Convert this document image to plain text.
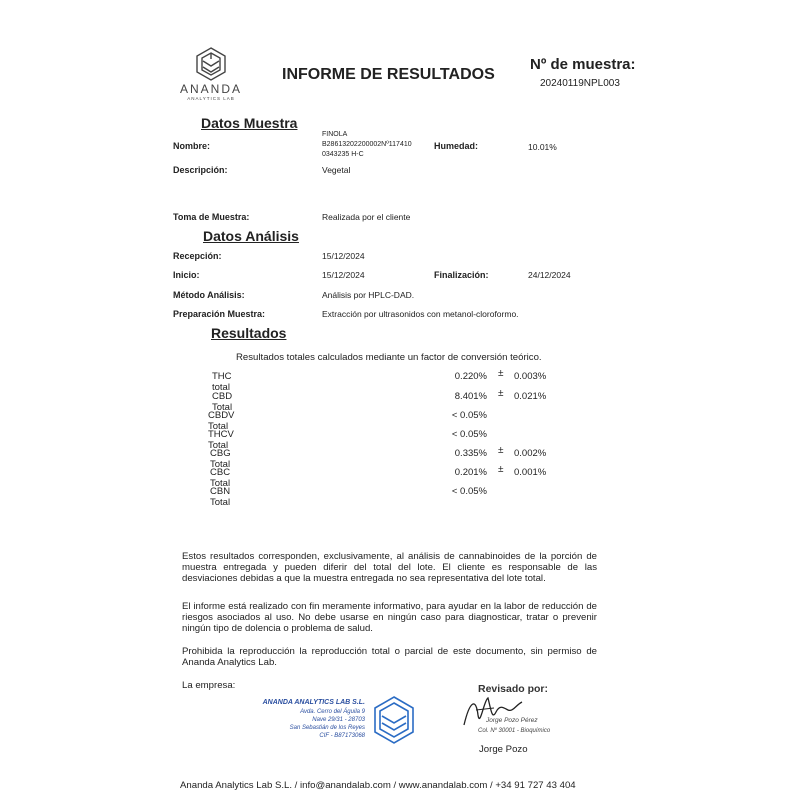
ANANDA
ANALYTICS LAB
INFORME DE RESULTADOS
Nº de muestra:
20240119NPL003
Datos Muestra
Nombre:
FINOLA
B28613202200002Nº117410
0343235 H-C
Humedad:	10.01%
Descripción:	Vegetal
Toma de Muestra:	Realizada por el cliente
Datos Análisis
Recepción:	15/12/2024
Inicio:	15/12/2024	Finalización:	24/12/2024
Método Análisis:	Análisis por HPLC-DAD.
Preparación Muestra:	Extracción por ultrasonidos con metanol-cloroformo.
Resultados
Resultados totales calculados mediante un factor de conversión teórico.
THC total
0.220% ± 0.003%
CBD Total
8.401% ± 0.021%
CBDV Total
< 0.05%
THCV Total
< 0.05%
CBG Total
0.335% ± 0.002%
CBC Total
0.201% ± 0.001%
CBN Total
< 0.05%
Estos resultados corresponden, exclusivamente, al análisis de cannabinoides de la porción de muestra entregada y pueden diferir del total del lote. El cliente es responsable de las desviaciones debidas a que la muestra entregada no sea representativa del lote total.
El informe está realizado con fin meramente informativo, para ayudar en la labor de reducción de riesgos asociados al uso. No debe usarse en ningún caso para diagnosticar, tratar o prevenir ningún tipo de dolencia o problema de salud.
Prohibida la reproducción la reproducción total o parcial de este documento, sin permiso de Ananda Analytics Lab.
La empresa:
ANANDA ANALYTICS LAB S.L.
Avda. Cerro del Águila 9
Nave 29/31 - 28703
San Sebastián de los Reyes
CIF - B87173068
Revisado por:
Jorge Pozo Pérez
Col. Nº 30001 - Bioquímico
Jorge Pozo
Ananda Analytics Lab S.L. / info@anandalab.com / www.anandalab.com / +34 91 727 43 404
